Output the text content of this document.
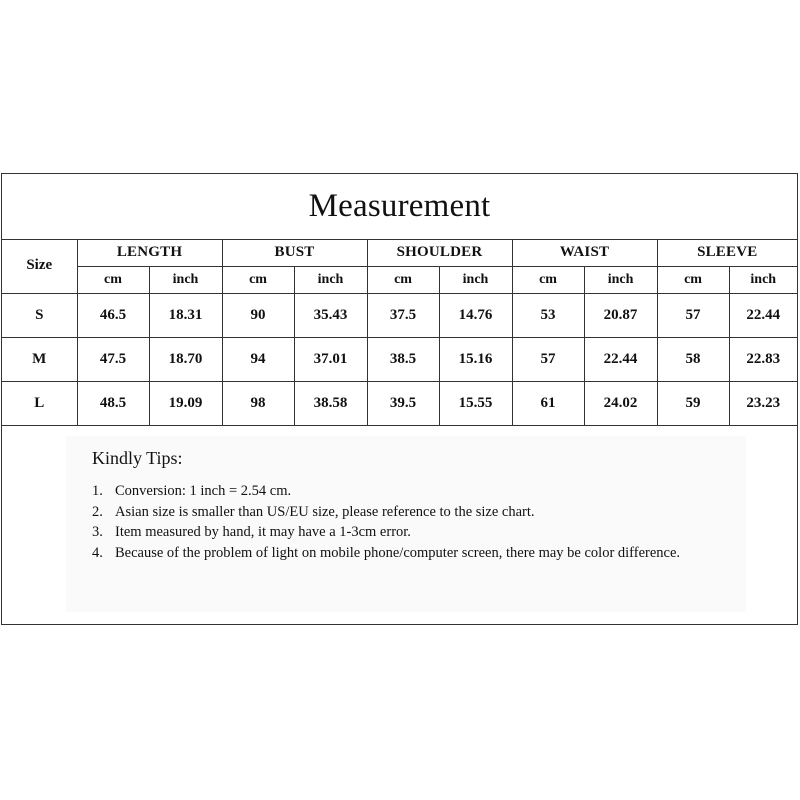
Measurement
Size	LENGTH		BUST		SHOULDER		WAIST		SLEEVE	
	cm	inch	cm	inch	cm	inch	cm	inch	cm	inch
S	46.5	18.31	90	35.43	37.5	14.76	53	20.87	57	22.44
M	47.5	18.70	94	37.01	38.5	15.16	57	22.44	58	22.83
L	48.5	19.09	98	38.58	39.5	15.55	61	24.02	59	23.23
Kindly Tips:
1. Conversion: 1 inch = 2.54 cm.
2. Asian size is smaller than US/EU size, please reference to the size chart.
3. Item measured by hand, it may have a 1-3cm error.
4. Because of the problem of light on mobile phone/computer screen, there may be color difference.
